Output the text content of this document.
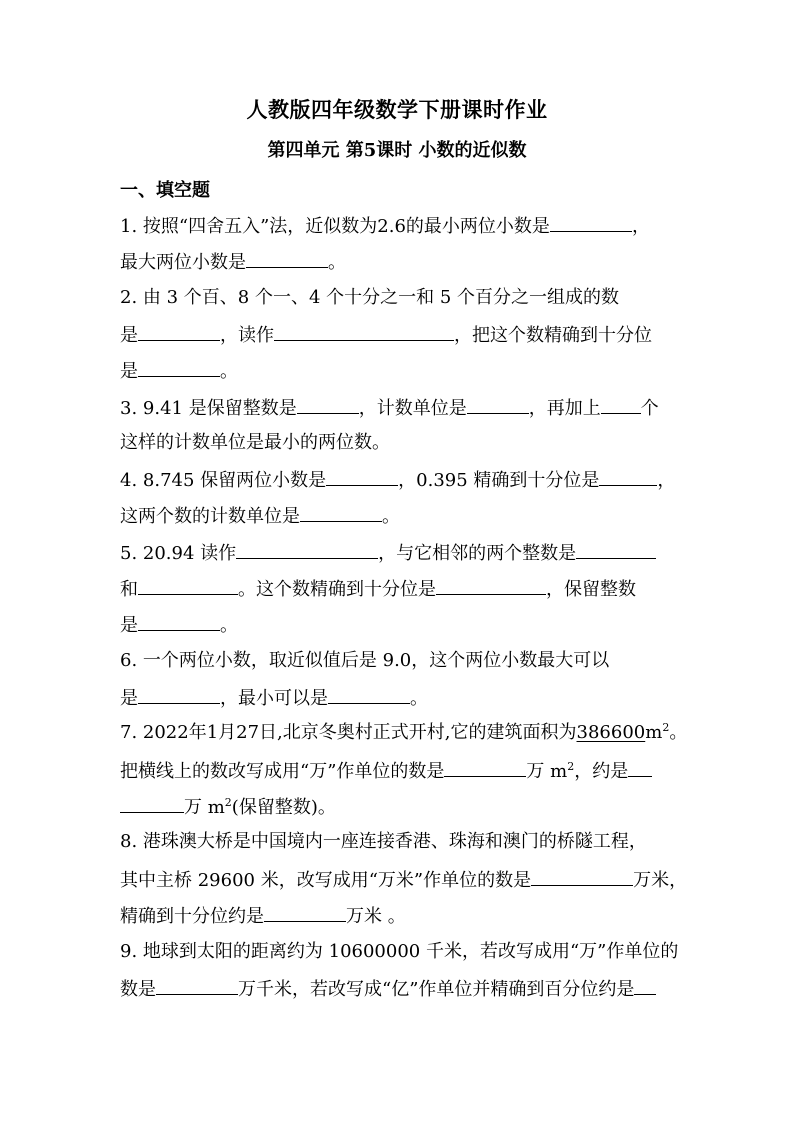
人教版四年级数学下册课时作业
第四单元 第5课时 小数的近似数
一、填空题
1. 按照“四舍五入”法，近似数为2.6的最小两位小数是	，
最大两位小数是	。
2. 由 3 个百、8 个一、4 个十分之一和 5 个百分之一组成的数
是	，读作	，把这个数精确到十分位
是	。
3. 9.41 是保留整数是	，计数单位是	，再加上 个
这样的计数单位是最小的两位数。
4. 8.745 保留两位小数是	，0.395 精确到十分位是	，
这两个数的计数单位是	。
5. 20.94 读作	，与它相邻的两个整数是
和	。这个数精确到十分位是	，保留整数
是	。
6. 一个两位小数，取近似值后是 9.0，这个两位小数最大可以
是	，最小可以是	。
7. 2022年1月27日,北京冬奥村正式开村,它的建筑面积为$386600m^2$。
把横线上的数改写成用“万”作单位的数是	万 $m^2$，约是
万 $m^2$(保留整数)。
8. 港珠澳大桥是中国境内一座连接香港、珠海和澳门的桥隧工程，
其中主桥 29600 米，改写成用“万米”作单位的数是	万米，
精确到十分位约是	万米 。
9. 地球到太阳的距离约为 10600000 千米，若改写成用“万”作单位的
数是	万千米，若改写成“亿”作单位并精确到百分位约是
